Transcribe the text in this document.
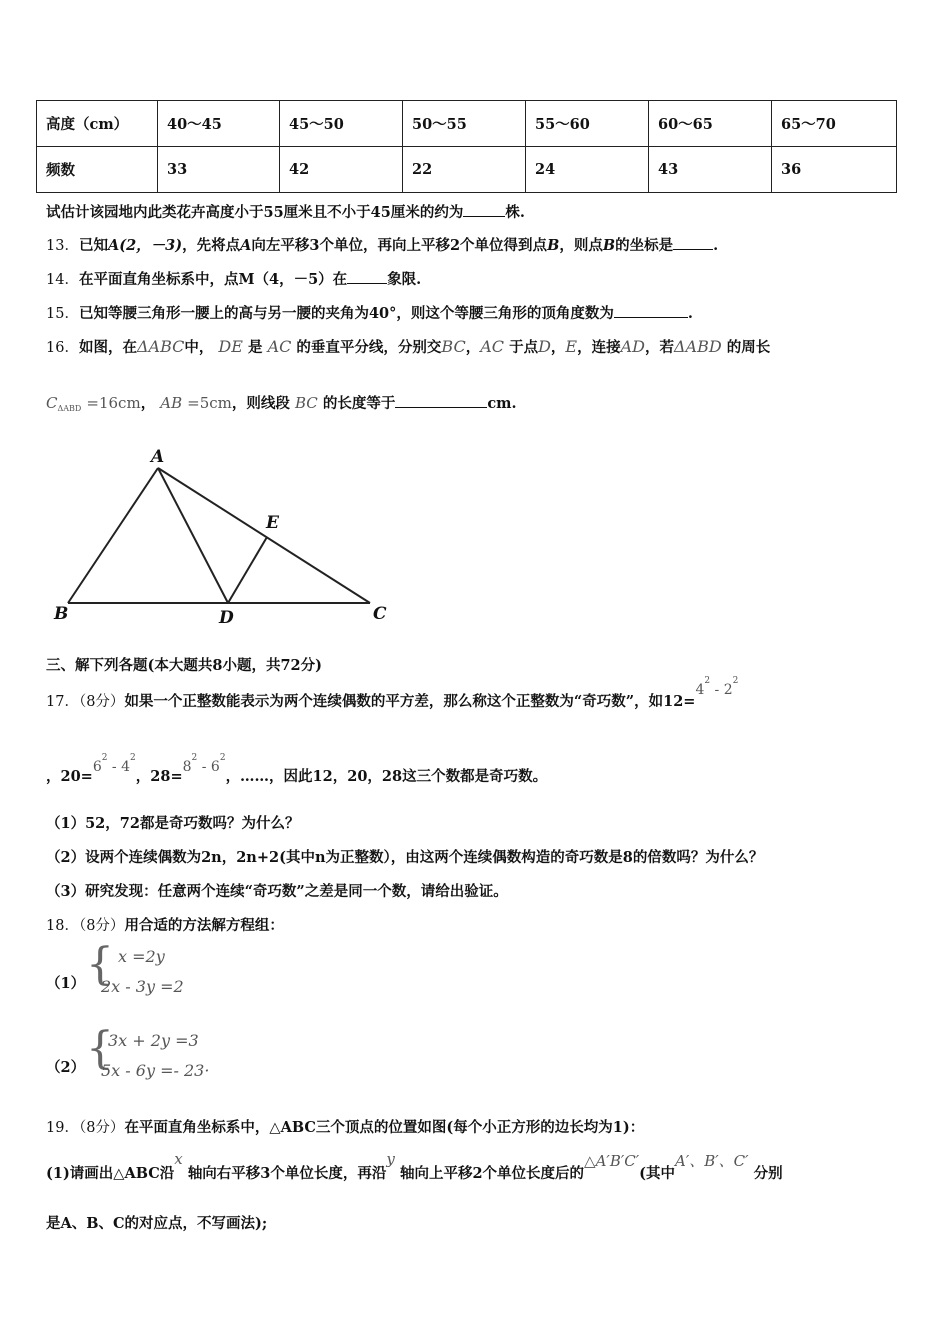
高度（cm）	40～45	45～50	50～55	55～60	60～65	65～70
频数	33	42	22	24	43	36
试估计该园地内此类花卉高度小于55厘米且不小于45厘米的约为	株.
13．已知A(2，－3)，先将点A向左平移3个单位，再向上平移2个单位得到点B，则点B的坐标是	.
14．在平面直角坐标系中，点M（4，－5）在	象限.
15．已知等腰三角形一腰上的高与另一腰的夹角为40°，则这个等腰三角形的顶角度数为	.
16．如图，在ΔABC中， DE 是 AC 的垂直平分线，分别交BC，AC 于点D，E，连接AD，若ΔABD 的周长
$C_{\Delta ABD} =16cm$， AB =5cm，则线段 BC 的长度等于	cm.
A
B	C
D
E
三、解下列各题(本大题共8小题，共72分)
17．（8分）如果一个正整数能表示为两个连续偶数的平方差，那么称这个正整数为“奇巧数”，如$12=4^2 - 2^2$
，$20=6^2 - 4^2$，$28=8^2 - 6^2$，……，因此12，20，28这三个数都是奇巧数。
（1）52，72都是奇巧数吗？为什么？
（2）设两个连续偶数为2n，2n+2(其中n为正整数），由这两个连续偶数构造的奇巧数是8的倍数吗？为什么？
（3）研究发现：任意两个连续“奇巧数”之差是同一个数，请给出验证。
18．（8分）用合适的方法解方程组：
（1） { x =2y
2x - 3y =2
（2） {
3x + 2y =3
5x - 6y =- 23·
19．（8分）在平面直角坐标系中，△ABC三个顶点的位置如图(每个小正方形的边长均为1)：
(1)请画出△ABC沿x 轴向右平移3个单位长度，再沿y 轴向上平移2个单位长度后的△A′B′C′(其中A′、B′、C′ 分别
是A、B、C的对应点，不写画法);
